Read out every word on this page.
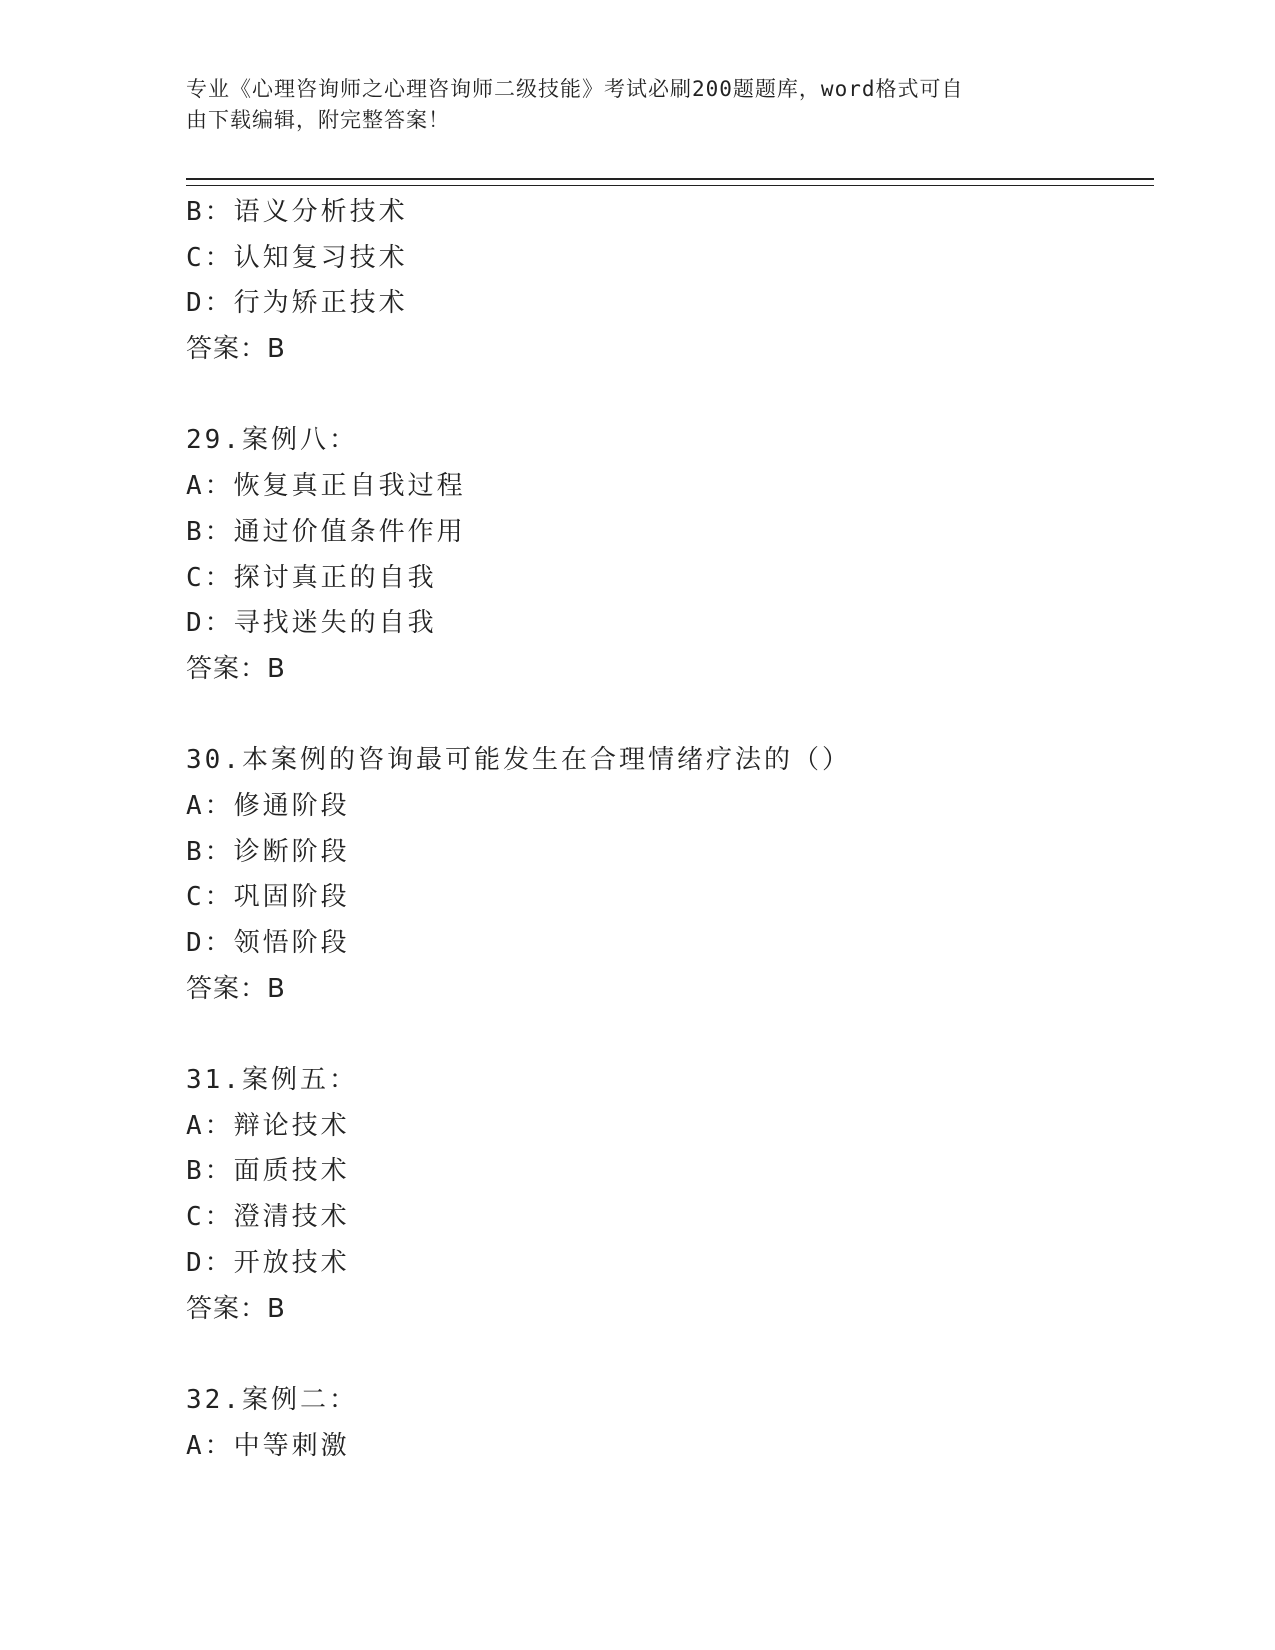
专业《心理咨询师之心理咨询师二级技能》考试必刷200题题库，word格式可自
由下载编辑，附完整答案！
B：语义分析技术
C：认知复习技术
D：行为矫正技术
答案：B
29.案例八：
A：恢复真正自我过程
B：通过价值条件作用
C：探讨真正的自我
D：寻找迷失的自我
答案：B
30.本案例的咨询最可能发生在合理情绪疗法的（）
A：修通阶段
B：诊断阶段
C：巩固阶段
D：领悟阶段
答案：B
31.案例五：
A：辩论技术
B：面质技术
C：澄清技术
D：开放技术
答案：B
32.案例二：
A：中等刺激
